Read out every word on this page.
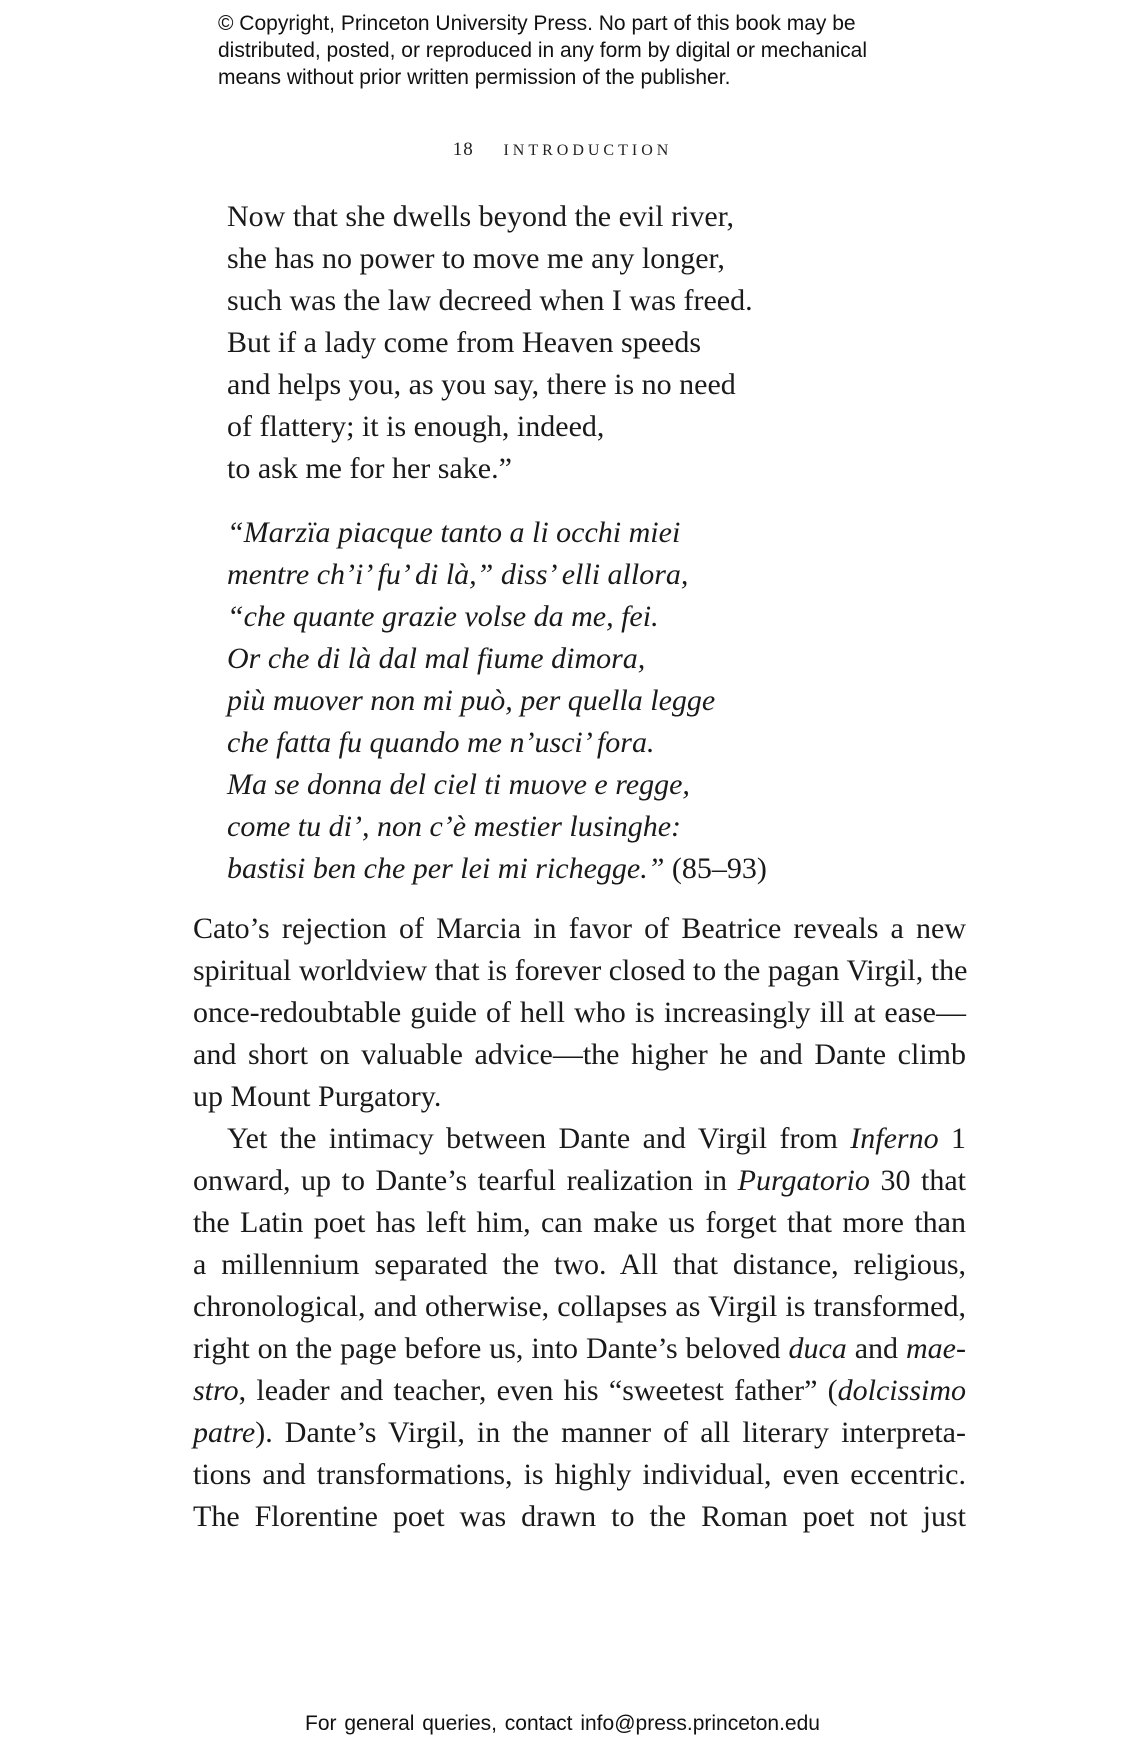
© Copyright, Princeton University Press. No part of this book may be
distributed, posted, or reproduced in any form by digital or mechanical
means without prior written permission of the publisher.
18 INTRODUCTION
Now that she dwells beyond the evil river,
she has no power to move me any longer,
such was the law decreed when I was freed.
But if a lady come from Heaven speeds
and helps you, as you say, there is no need
of flattery; it is enough, indeed,
to ask me for her sake.”
“Marzïa piacque tanto a li occhi miei
mentre ch’i’ fu’ di là,” diss’ elli allora,
“che quante grazie volse da me, fei.
Or che di là dal mal fiume dimora,
più muover non mi può, per quella legge
che fatta fu quando me n’usci’ fora.
Ma se donna del ciel ti muove e regge,
come tu di’, non c’è mestier lusinghe:
bastisi ben che per lei mi richegge.” (85–93)
Cato’s rejection of Marcia in favor of Beatrice reveals a new
spiritual worldview that is forever closed to the pagan Virgil, the
once-redoubtable guide of hell who is increasingly ill at ease—
and short on valuable advice—the higher he and Dante climb
up Mount Purgatory.
Yet the intimacy between Dante and Virgil from Inferno 1
onward, up to Dante’s tearful realization in Purgatorio 30 that
the Latin poet has left him, can make us forget that more than
a millennium separated the two. All that distance, religious,
chronological, and otherwise, collapses as Virgil is transformed,
right on the page before us, into Dante’s beloved duca and mae-
stro, leader and teacher, even his “sweetest father” (dolcissimo
patre). Dante’s Virgil, in the manner of all literary interpreta-
tions and transformations, is highly individual, even eccentric.
The Florentine poet was drawn to the Roman poet not just
For general queries, contact info@press.princeton.edu
